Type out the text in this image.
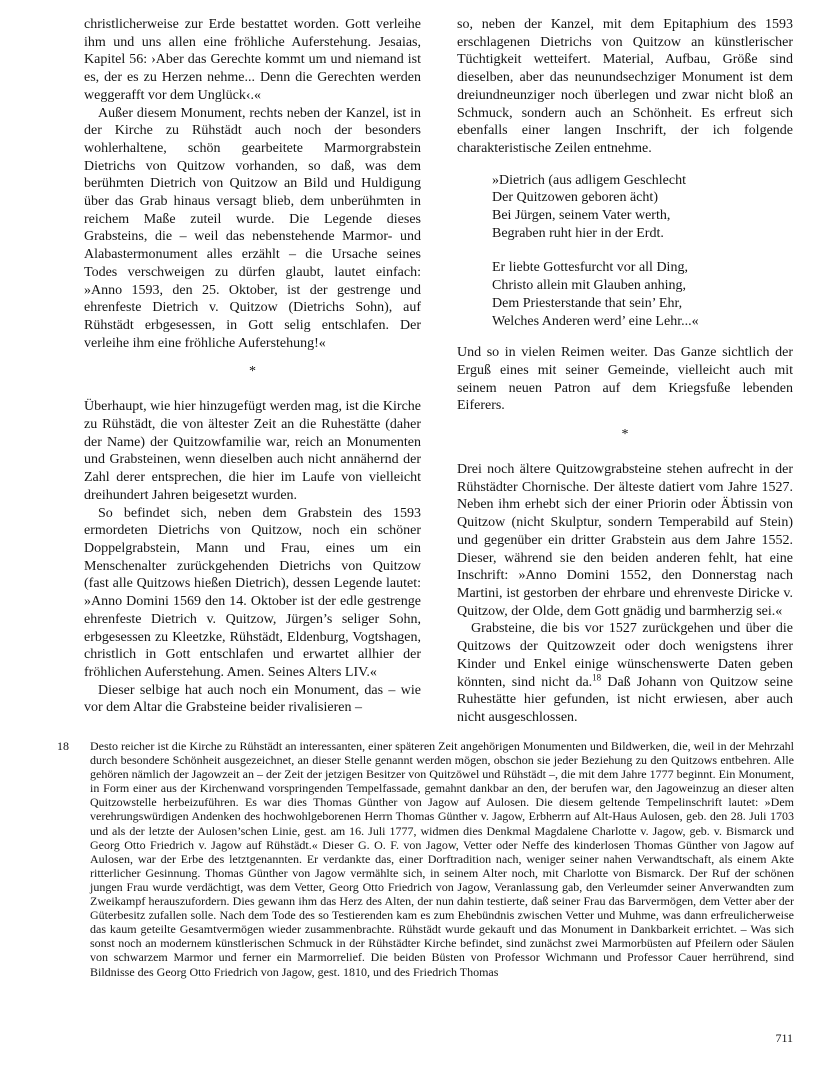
christlicherweise zur Erde bestattet worden. Gott verleihe ihm und uns allen eine fröhliche Auferstehung. Jesaias, Kapitel 56: ›Aber das Gerechte kommt um und niemand ist es, der es zu Herzen nehme... Denn die Gerechten werden weggerafft vor dem Unglück‹.«

Außer diesem Monument, rechts neben der Kanzel, ist in der Kirche zu Rühstädt auch noch der besonders wohlerhaltene, schön gearbeitete Marmorgrabstein Dietrichs von Quitzow vorhanden, so daß, was dem berühmten Dietrich von Quitzow an Bild und Huldigung über das Grab hinaus versagt blieb, dem unberühmten in reichem Maße zuteil wurde. Die Legende dieses Grabsteins, die – weil das nebenstehende Marmor- und Alabastermonument alles erzählt – die Ursache seines Todes verschweigen zu dürfen glaubt, lautet einfach: »Anno 1593, den 25. Oktober, ist der gestrenge und ehrenfeste Dietrich v. Quitzow (Dietrichs Sohn), auf Rühstädt erbgesessen, in Gott selig entschlafen. Der verleihe ihm eine fröhliche Auferstehung!«

*

Überhaupt, wie hier hinzugefügt werden mag, ist die Kirche zu Rühstädt, die von ältester Zeit an die Ruhestätte (daher der Name) der Quitzowfamilie war, reich an Monumenten und Grabsteinen, wenn dieselben auch nicht annähernd der Zahl derer entsprechen, die hier im Laufe von vielleicht dreihundert Jahren beigesetzt wurden.

So befindet sich, neben dem Grabstein des 1593 ermordeten Dietrichs von Quitzow, noch ein schöner Doppelgrabstein, Mann und Frau, eines um ein Menschenalter zurückgehenden Dietrichs von Quitzow (fast alle Quitzows hießen Dietrich), dessen Legende lautet: »Anno Domini 1569 den 14. Oktober ist der edle gestrenge ehrenfeste Dietrich v. Quitzow, Jürgen’s seliger Sohn, erbgesessen zu Kleetzke, Rühstädt, Eldenburg, Vogtshagen, christlich in Gott entschlafen und erwartet allhier der fröhlichen Auferstehung. Amen. Seines Alters LIV.«

Dieser selbige hat auch noch ein Monument, das – wie vor dem Altar die Grabsteine beider rivalisieren –

so, neben der Kanzel, mit dem Epitaphium des 1593 erschlagenen Dietrichs von Quitzow an künstlerischer Tüchtigkeit wetteifert. Material, Aufbau, Größe sind dieselben, aber das neunundsechziger Monument ist dem dreiundneunziger noch überlegen und zwar nicht bloß an Schmuck, sondern auch an Schönheit. Es erfreut sich ebenfalls einer langen Inschrift, der ich folgende charakteristische Zeilen entnehme.

»Dietrich (aus adligem Geschlecht
Der Quitzowen geboren ächt)
Bei Jürgen, seinem Vater werth,
Begraben ruht hier in der Erdt.
Er liebte Gottesfurcht vor all Ding,
Christo allein mit Glauben anhing,
Dem Priesterstande that sein’ Ehr,
Welches Anderen werd’ eine Lehr...«

Und so in vielen Reimen weiter. Das Ganze sichtlich der Erguß eines mit seiner Gemeinde, vielleicht auch mit seinem neuen Patron auf dem Kriegsfuße lebenden Eiferers.

*

Drei noch ältere Quitzowgrabsteine stehen aufrecht in der Rühstädter Chornische. Der älteste datiert vom Jahre 1527. Neben ihm erhebt sich der einer Priorin oder Äbtissin von Quitzow (nicht Skulptur, sondern Temperabild auf Stein) und gegenüber ein dritter Grabstein aus dem Jahre 1552. Dieser, während sie den beiden anderen fehlt, hat eine Inschrift: »Anno Domini 1552, den Donnerstag nach Martini, ist gestorben der ehrbare und ehrenveste Diricke v. Quitzow, der Olde, dem Gott gnädig und barmherzig sei.«

Grabsteine, die bis vor 1527 zurückgehen und über die Quitzows der Quitzowzeit oder doch wenigstens ihrer Kinder und Enkel einige wünschenswerte Daten geben könnten, sind nicht da.$^{18}$ Daß Johann von Quitzow seine Ruhestätte hier gefunden, ist nicht erwiesen, aber auch nicht ausgeschlossen.

18 Desto reicher ist die Kirche zu Rühstädt an interessanten, einer späteren Zeit angehörigen Monumenten und Bildwerken, die, weil in der Mehrzahl durch besondere Schönheit ausgezeichnet, an dieser Stelle genannt werden mögen, obschon sie jeder Beziehung zu den Quitzows entbehren. Alle gehören nämlich der Jagowzeit an – der Zeit der jetzigen Besitzer von Quitzöwel und Rühstädt –, die mit dem Jahre 1777 beginnt. Ein Monument, in Form einer aus der Kirchenwand vorspringenden Tempelfassade, gemahnt dankbar an den, der berufen war, den Jagoweinzug an dieser alten Quitzowstelle herbeizuführen. Es war dies Thomas Günther von Jagow auf Aulosen. Die diesem geltende Tempelinschrift lautet: »Dem verehrungswürdigen Andenken des hochwohlgeborenen Herrn Thomas Günther v. Jagow, Erbherrn auf Alt-Haus Aulosen, geb. den 28. Juli 1703 und als der letzte der Aulosen’schen Linie, gest. am 16. Juli 1777, widmen dies Denkmal Magdalene Charlotte v. Jagow, geb. v. Bismarck und Georg Otto Friedrich v. Jagow auf Rühstädt.« Dieser G. O. F. von Jagow, Vetter oder Neffe des kinderlosen Thomas Günther von Jagow auf Aulosen, war der Erbe des letztgenannten. Er verdankte das, einer Dorftradition nach, weniger seiner nahen Verwandtschaft, als einem Akte ritterlicher Gesinnung. Thomas Günther von Jagow vermählte sich, in seinem Alter noch, mit Charlotte von Bismarck. Der Ruf der schönen jungen Frau wurde verdächtigt, was dem Vetter, Georg Otto Friedrich von Jagow, Veranlassung gab, den Verleumder seiner Anverwandten zum Zweikampf herauszufordern. Dies gewann ihm das Herz des Alten, der nun dahin testierte, daß seiner Frau das Barvermögen, dem Vetter aber der Güterbesitz zufallen solle. Nach dem Tode des so Testierenden kam es zum Ehebündnis zwischen Vetter und Muhme, was dann erfreulicherweise das kaum geteilte Gesamtvermögen wieder zusammenbrachte. Rühstädt wurde gekauft und das Monument in Dankbarkeit errichtet. – Was sich sonst noch an modernem künstlerischen Schmuck in der Rühstädter Kirche befindet, sind zunächst zwei Marmorbüsten auf Pfeilern oder Säulen von schwarzem Marmor und ferner ein Marmorrelief. Die beiden Büsten von Professor Wichmann und Professor Cauer herrührend, sind Bildnisse des Georg Otto Friedrich von Jagow, gest. 1810, und des Friedrich Thomas
711
